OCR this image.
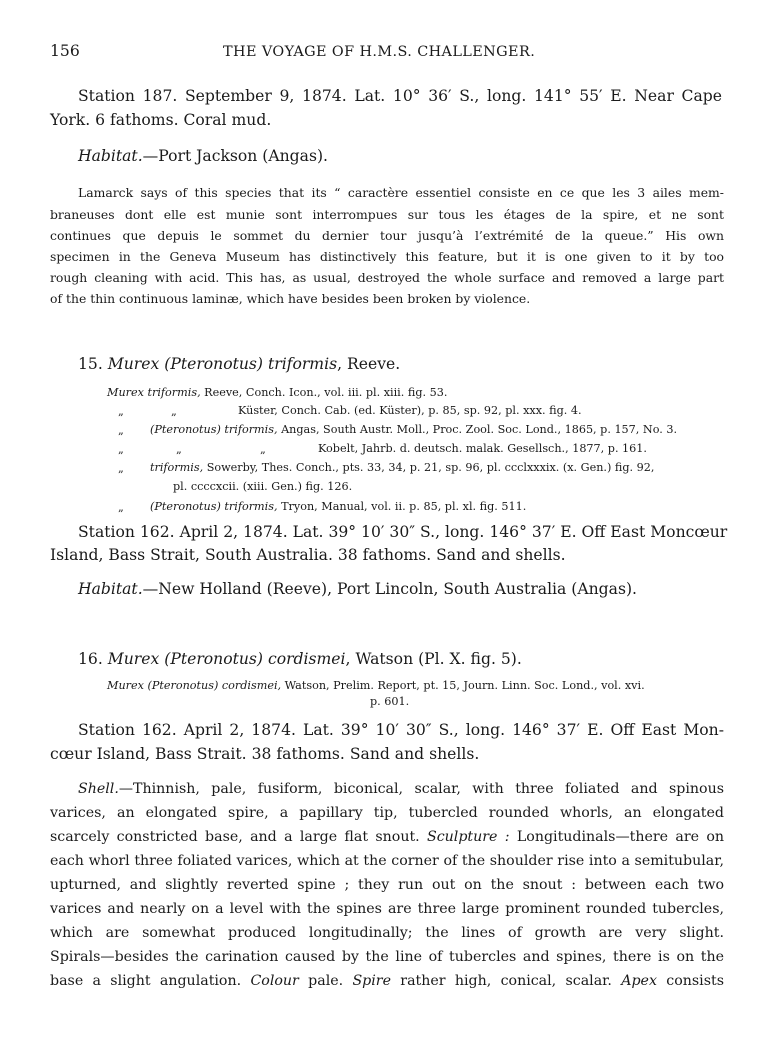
156	THE VOYAGE OF H.M.S. CHALLENGER.
Station 187. September 9, 1874. Lat. 10° 36′ S., long. 141° 55′ E. Near Cape
York. 6 fathoms. Coral mud.
Habitat.—Port Jackson (Angas).
Lamarck says of this species that its “ caractère essentiel consiste en ce que les 3 ailes mem-
braneuses dont elle est munie sont interrompues sur tous les étages de la spire, et ne sont
continues que depuis le sommet du dernier tour jusqu’à l’extrémité de la queue.” His own
specimen in the Geneva Museum has distinctively this feature, but it is one given to it by too
rough cleaning with acid. This has, as usual, destroyed the whole surface and removed a large part
of the thin continuous laminæ, which have besides been broken by violence.
15. Murex (Pteronotus) triformis, Reeve.
Murex triformis, Reeve, Conch. Icon., vol. iii. pl. xiii. fig. 53.
„	„	Küster, Conch. Cab. (ed. Küster), p. 85, sp. 92, pl. xxx. fig. 4.
„ (Pteronotus) triformis, Angas, South Austr. Moll., Proc. Zool. Soc. Lond., 1865, p. 157, No. 3.
„	„	„	Kobelt, Jahrb. d. deutsch. malak. Gesellsch., 1877, p. 161.
„ triformis, Sowerby, Thes. Conch., pts. 33, 34, p. 21, sp. 96, pl. ccclxxxix. (x. Gen.) fig. 92,
pl. ccccxcii. (xiii. Gen.) fig. 126.
„ (Pteronotus) triformis, Tryon, Manual, vol. ii. p. 85, pl. xl. fig. 511.
Station 162. April 2, 1874. Lat. 39° 10′ 30″ S., long. 146° 37′ E. Off East Moncœur
Island, Bass Strait, South Australia. 38 fathoms. Sand and shells.
Habitat.—New Holland (Reeve), Port Lincoln, South Australia (Angas).
16. Murex (Pteronotus) cordismei, Watson (Pl. X. fig. 5).
Murex (Pteronotus) cordismei, Watson, Prelim. Report, pt. 15, Journ. Linn. Soc. Lond., vol. xvi.
p. 601.
Station 162. April 2, 1874. Lat. 39° 10′ 30″ S., long. 146° 37′ E. Off East Mon-
cœur Island, Bass Strait. 38 fathoms. Sand and shells.
Shell.—Thinnish, pale, fusiform, biconical, scalar, with three foliated and spinous
varices, an elongated spire, a papillary tip, tubercled rounded whorls, an elongated
scarcely constricted base, and a large flat snout. Sculpture : Longitudinals—there are on
each whorl three foliated varices, which at the corner of the shoulder rise into a semitubular,
upturned, and slightly reverted spine ; they run out on the snout : between each two
varices and nearly on a level with the spines are three large prominent rounded tubercles,
which are somewhat produced longitudinally; the lines of growth are very slight.
Spirals—besides the carination caused by the line of tubercles and spines, there is on the
base a slight angulation. Colour pale. Spire rather high, conical, scalar. Apex consists
